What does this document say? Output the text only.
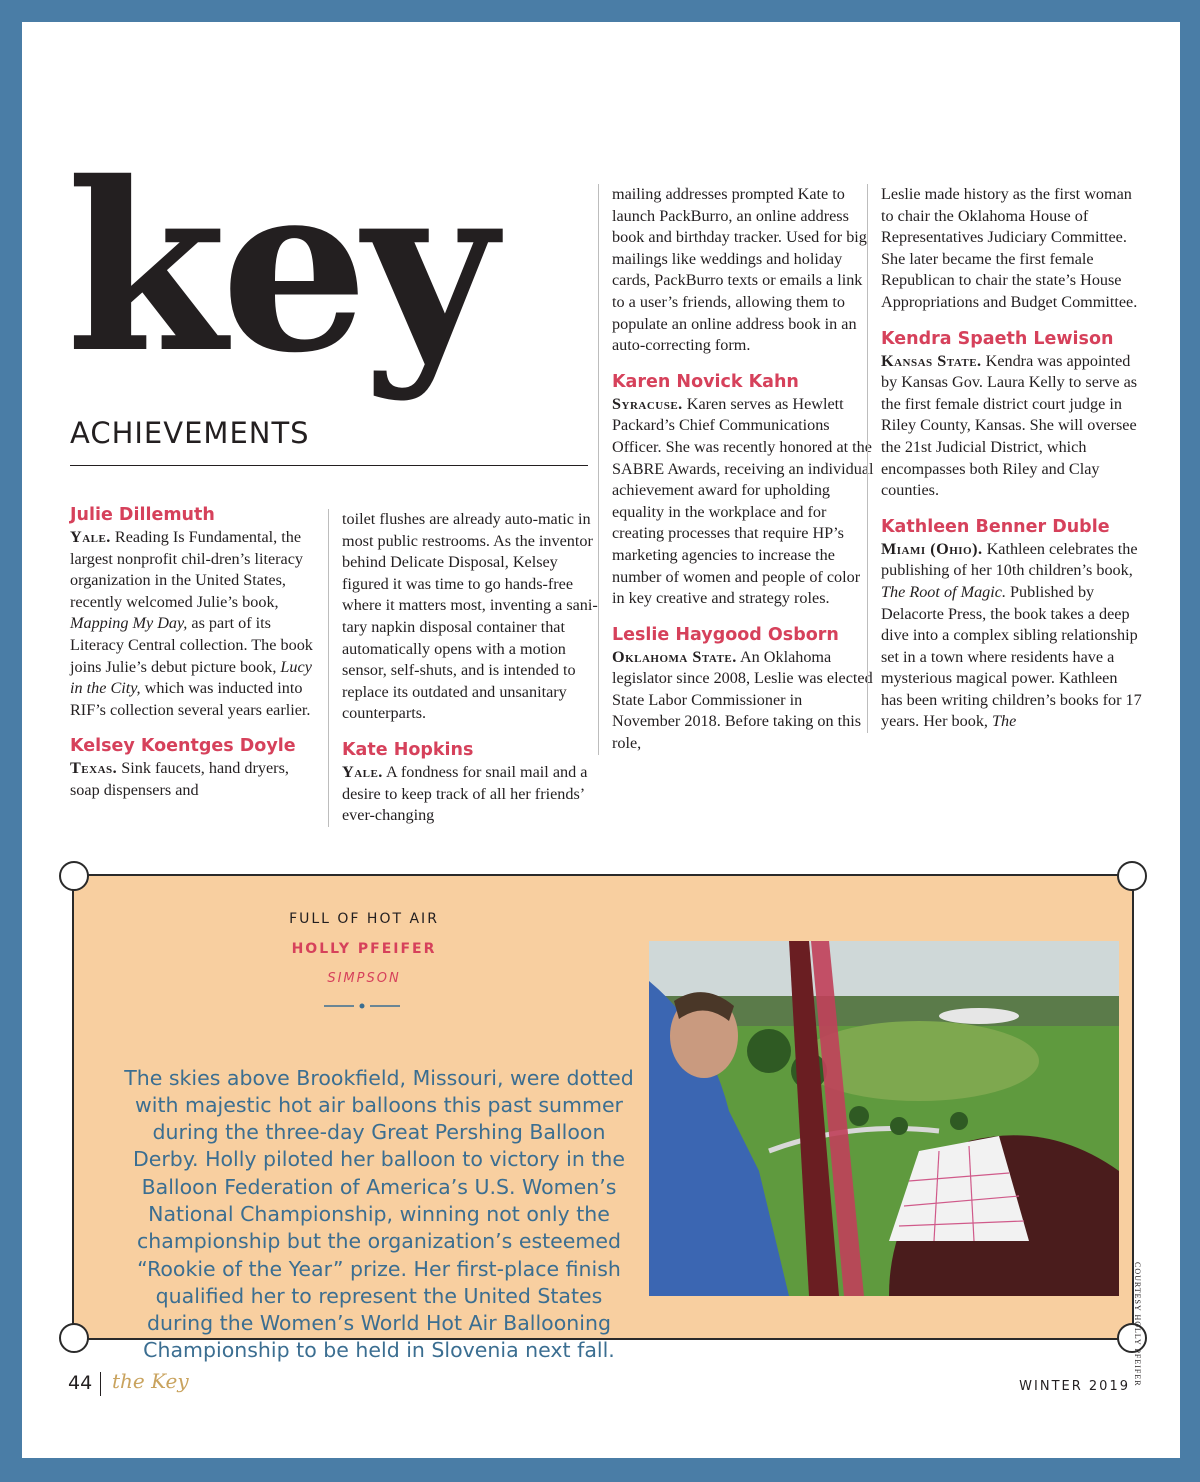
key
ACHIEVEMENTS
Julie Dillemuth

Yale. Reading Is Fundamental, the largest nonprofit chil-dren’s literacy organization in the United States, recently welcomed Julie’s book, Mapping My Day, as part of its Literacy Central collection. The book joins Julie’s debut picture book, Lucy in the City, which was inducted into RIF’s collection several years earlier.

Kelsey Koentges Doyle

Texas. Sink faucets, hand dryers, soap dispensers and

toilet flushes are already auto-matic in most public restrooms. As the inventor behind Delicate Disposal, Kelsey figured it was time to go hands-free where it matters most, inventing a sani-tary napkin disposal container that automatically opens with a motion sensor, self-shuts, and is intended to replace its outdated and unsanitary counterparts.

Kate Hopkins

Yale. A fondness for snail mail and a desire to keep track of all her friends’ ever-changing

mailing addresses prompted Kate to launch PackBurro, an online address book and birthday tracker. Used for big mailings like weddings and holiday cards, PackBurro texts or emails a link to a user’s friends, allowing them to populate an online address book in an auto-correcting form.

Karen Novick Kahn

Syracuse. Karen serves as Hewlett Packard’s Chief Communications Officer. She was recently honored at the SABRE Awards, receiving an individual achievement award for upholding equality in the workplace and for creating processes that require HP’s marketing agencies to increase the number of women and people of color in key creative and strategy roles.

Leslie Haygood Osborn

Oklahoma State. An Oklahoma legislator since 2008, Leslie was elected State Labor Commissioner in November 2018. Before taking on this role,

Leslie made history as the first woman to chair the Oklahoma House of Representatives Judiciary Committee. She later became the first female Republican to chair the state’s House Appropriations and Budget Committee.

Kendra Spaeth Lewison

Kansas State. Kendra was appointed by Kansas Gov. Laura Kelly to serve as the first female district court judge in Riley County, Kansas. She will oversee the 21st Judicial District, which encompasses both Riley and Clay counties.

Kathleen Benner Duble

Miami (Ohio). Kathleen celebrates the publishing of her 10th children’s book, The Root of Magic. Published by Delacorte Press, the book takes a deep dive into a complex sibling relationship set in a town where residents have a mysterious magical power. Kathleen has been writing children’s books for 17 years. Her book, The

FULL OF HOT AIR
HOLLY PFEIFER
SIMPSON

The skies above Brookfield, Missouri, were dotted with majestic hot air balloons this past summer during the three-day Great Pershing Balloon Derby. Holly piloted her balloon to victory in the Balloon Federation of America’s U.S. Women’s National Championship, winning not only the championship but the organization’s esteemed “Rookie of the Year” prize. Her first-place finish qualified her to represent the United States during the Women’s World Hot Air Ballooning Championship to be held in Slovenia next fall.	COURTESY HOLLY PFEIFER
44 the Key	WINTER 2019
